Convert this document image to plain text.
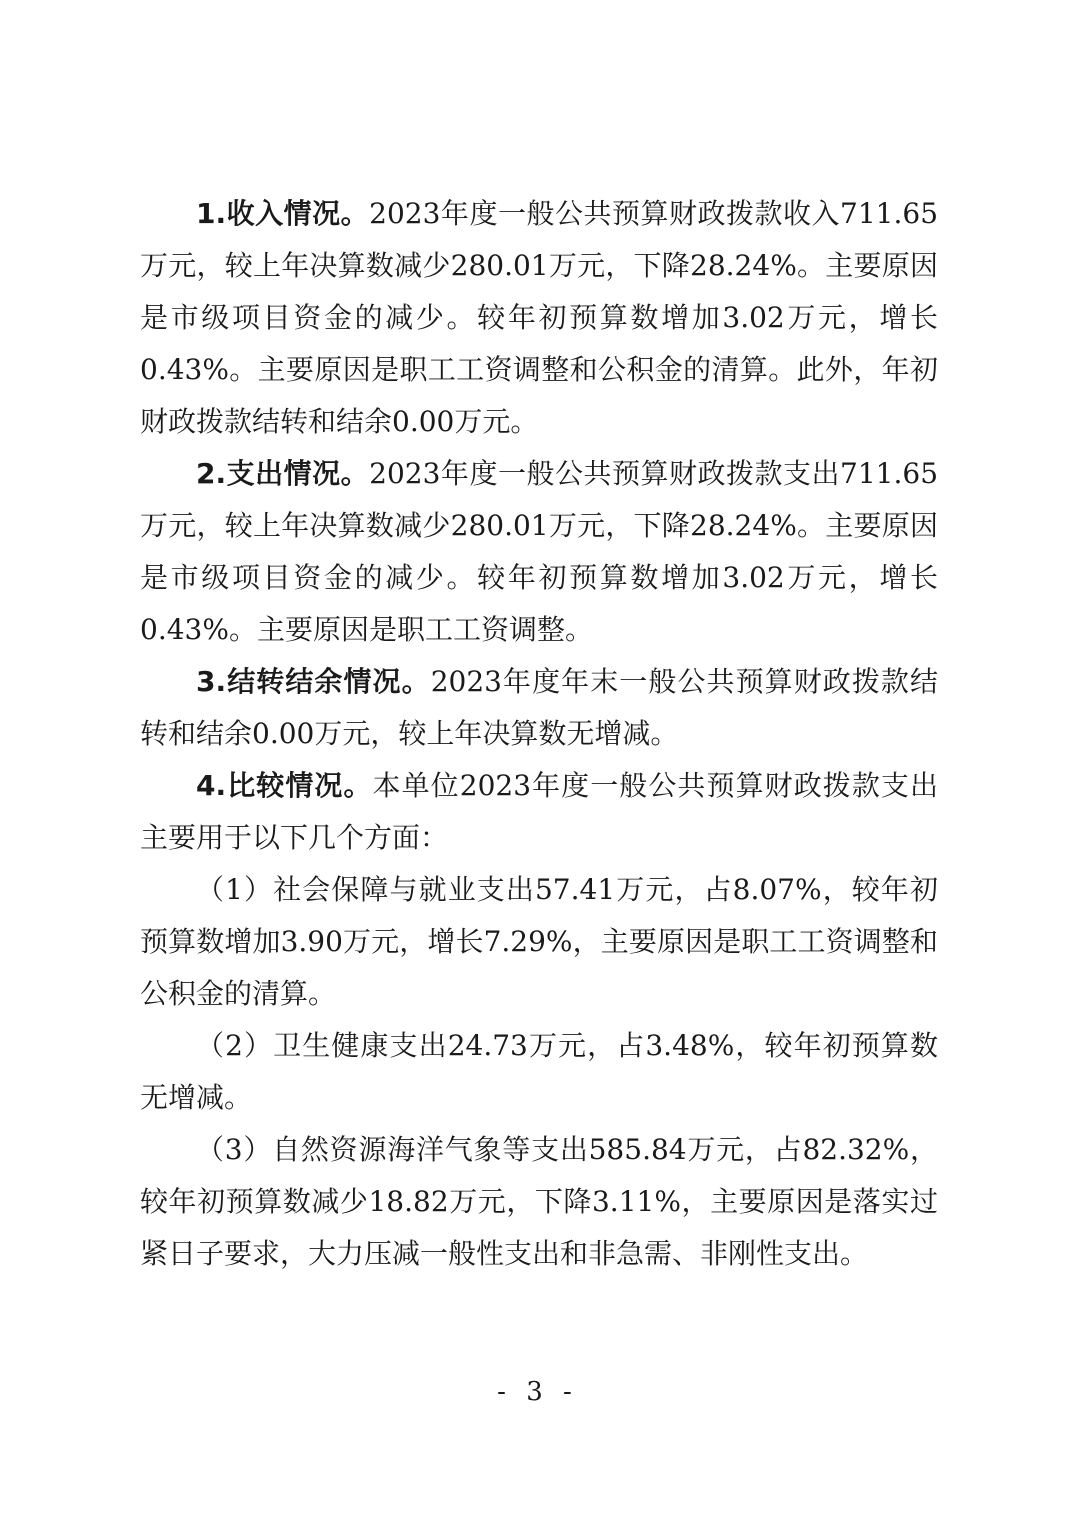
1.收入情况。2023年度一般公共预算财政拨款收入711.65万元，较上年决算数减少280.01万元，下降28.24%。主要原因是市级项目资金的减少。较年初预算数增加3.02万元，增长0.43%。主要原因是职工工资调整和公积金的清算。此外，年初财政拨款结转和结余0.00万元。

2.支出情况。2023年度一般公共预算财政拨款支出711.65万元，较上年决算数减少280.01万元，下降28.24%。主要原因是市级项目资金的减少。较年初预算数增加3.02万元，增长0.43%。主要原因是职工工资调整。

3.结转结余情况。2023年度年末一般公共预算财政拨款结转和结余0.00万元，较上年决算数无增减。

4.比较情况。本单位2023年度一般公共预算财政拨款支出主要用于以下几个方面：

（1）社会保障与就业支出57.41万元，占8.07%，较年初预算数增加3.90万元，增长7.29%，主要原因是职工工资调整和公积金的清算。

（2）卫生健康支出24.73万元，占3.48%，较年初预算数无增减。

（3）自然资源海洋气象等支出585.84万元，占82.32%，较年初预算数减少18.82万元，下降3.11%，主要原因是落实过紧日子要求，大力压减一般性支出和非急需、非刚性支出。

- 3 -
